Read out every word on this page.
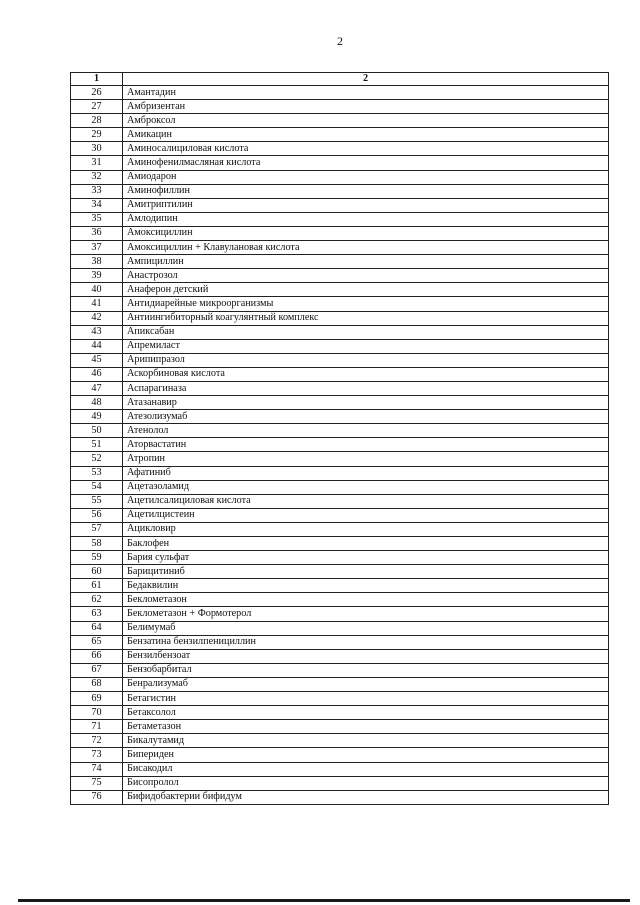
2
1	2
26	Амантадин
27	Амбризентан
28	Амброксол
29	Амикацин
30	Аминосалициловая кислота
31	Аминофенилмасляная кислота
32	Амиодарон
33	Аминофиллин
34	Амитриптилин
35	Амлодипин
36	Амоксициллин
37	Амоксициллин + Клавулановая кислота
38	Ампициллин
39	Анастрозол
40	Анаферон детский
41	Антидиарейные микроорганизмы
42	Антиингибиторный коагулянтный комплекс
43	Апиксабан
44	Апремиласт
45	Арипипразол
46	Аскорбиновая кислота
47	Аспарагиназа
48	Атазанавир
49	Атезолизумаб
50	Атенолол
51	Аторвастатин
52	Атропин
53	Афатиниб
54	Ацетазоламид
55	Ацетилсалициловая кислота
56	Ацетилцистеин
57	Ацикловир
58	Баклофен
59	Бария сульфат
60	Барицитиниб
61	Бедаквилин
62	Беклометазон
63	Беклометазон + Формотерол
64	Белимумаб
65	Бензатина бензилпенициллин
66	Бензилбензоат
67	Бензобарбитал
68	Бенрализумаб
69	Бетагистин
70	Бетаксолол
71	Бетаметазон
72	Бикалутамид
73	Бипериден
74	Бисакодил
75	Бисопролол
76	Бифидобактерии бифидум
